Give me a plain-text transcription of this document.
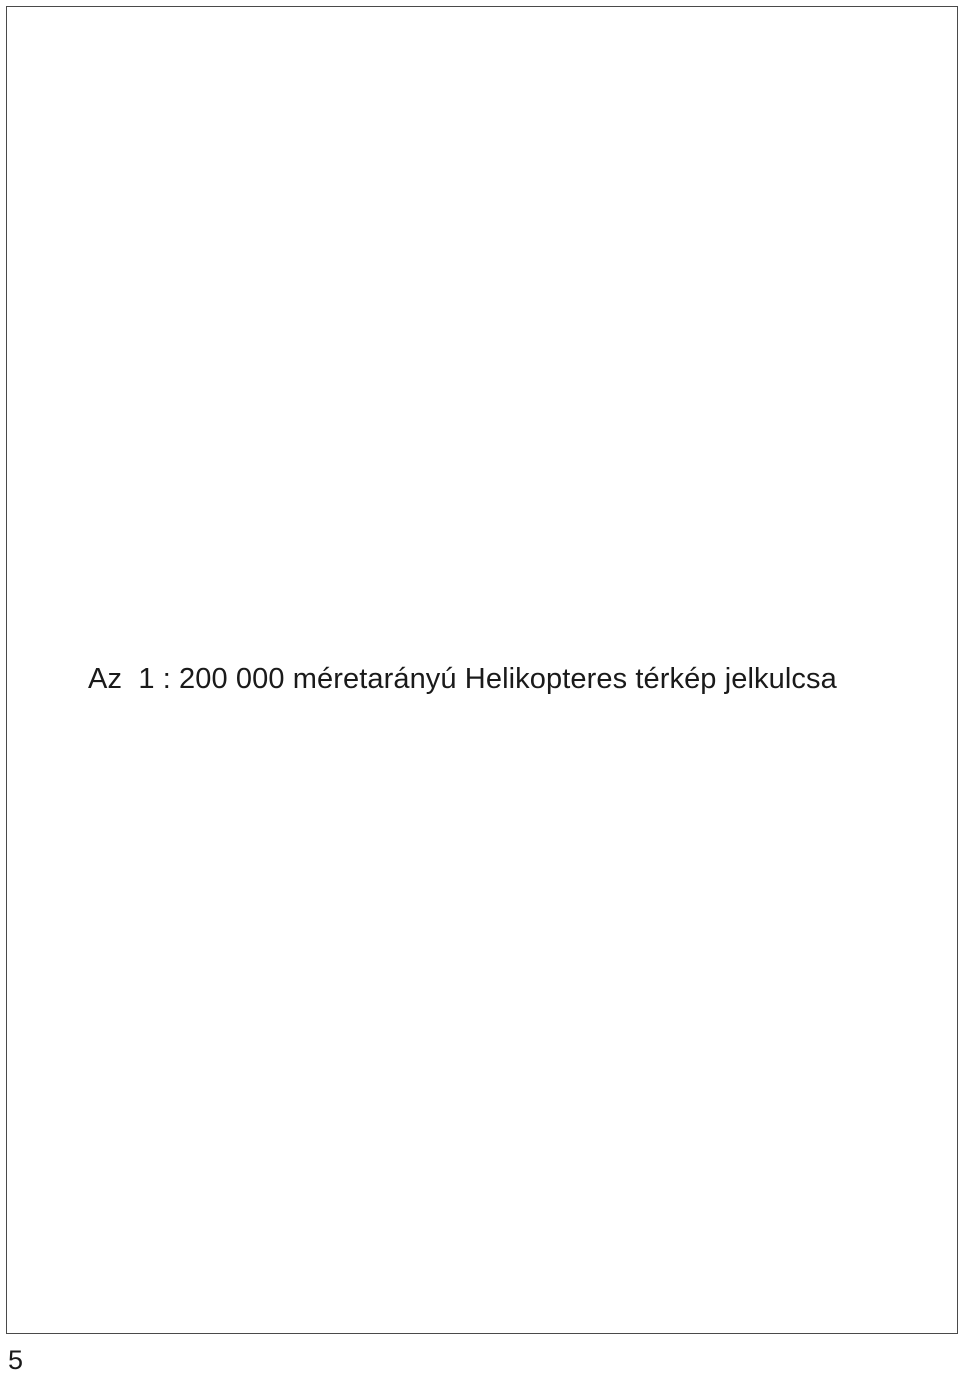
Az  1 : 200 000 méretarányú Helikopteres térkép jelkulcsa
5
